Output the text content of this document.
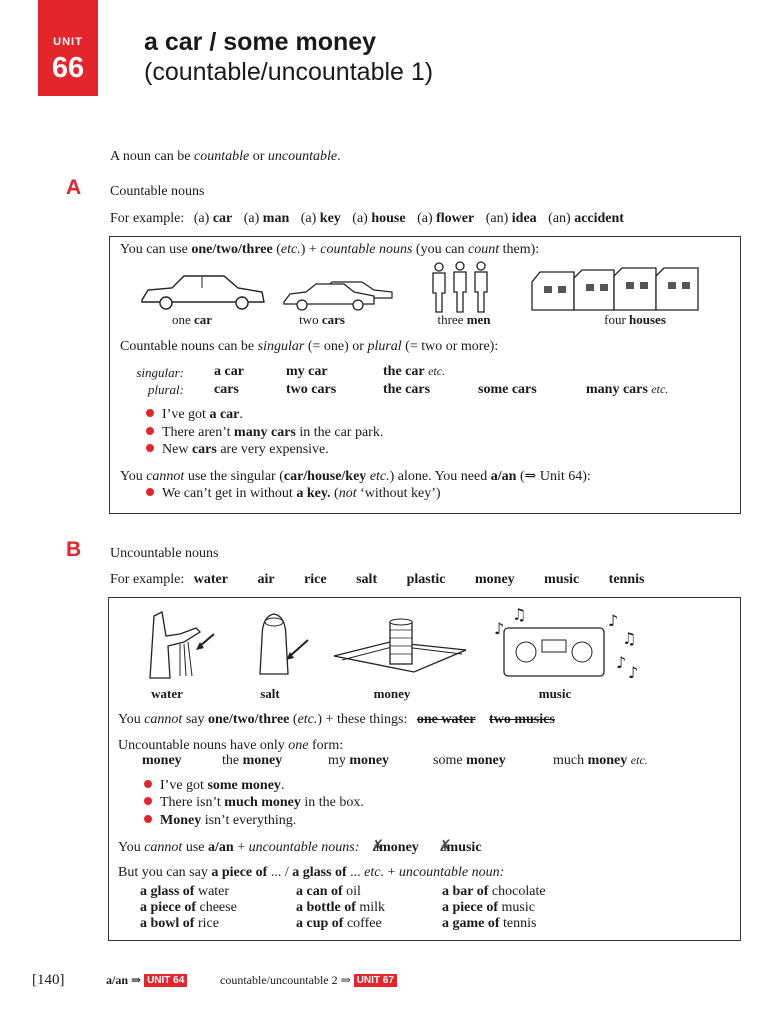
UNIT
66
a car / some money
(countable/uncountable 1)
A noun can be countable or uncountable.
A Countable nouns
For example: (a) car (a) man (a) key (a) house (a) flower (an) idea (an) accident
You can use one/two/three (etc.) + countable nouns (you can count them):
one car	two cars	three men	four houses
Countable nouns can be singular (= one) or plural (= two or more):
singular: a car	my car	the car etc.
plural: cars	two cars	the cars	some cars	many cars etc.
I’ve got a car.
There aren’t many cars in the car park.
New cars are very expensive.
You cannot use the singular (car/house/key etc.) alone. You need a/an (⇒ Unit 64):
We can’t get in without a key. (not ‘without key’)
B Uncountable nouns
For example: water air rice salt plastic money music tennis
♪
♫	♪
♫
♪
♪
water	salt	money	music
You cannot say one/two/three (etc.) + these things: one water two musics
Uncountable nouns have only one form:
money	the money	my money	some money	much money etc.
I’ve got some money.
There isn’t much money in the box.
Money isn’t everything.
You cannot use a/an + uncountable nouns: a ✗money a ✗music
But you can say a piece of ... / a glass of ... etc. + uncountable noun:
a glass of water	a can of oil	a bar of chocolate
a piece of cheese	a bottle of milk	a piece of music
a bowl of rice	a cup of coffee	a game of tennis
[140]	a/an ⇒ UNIT 64	countable/uncountable 2 ⇒ UNIT 67
